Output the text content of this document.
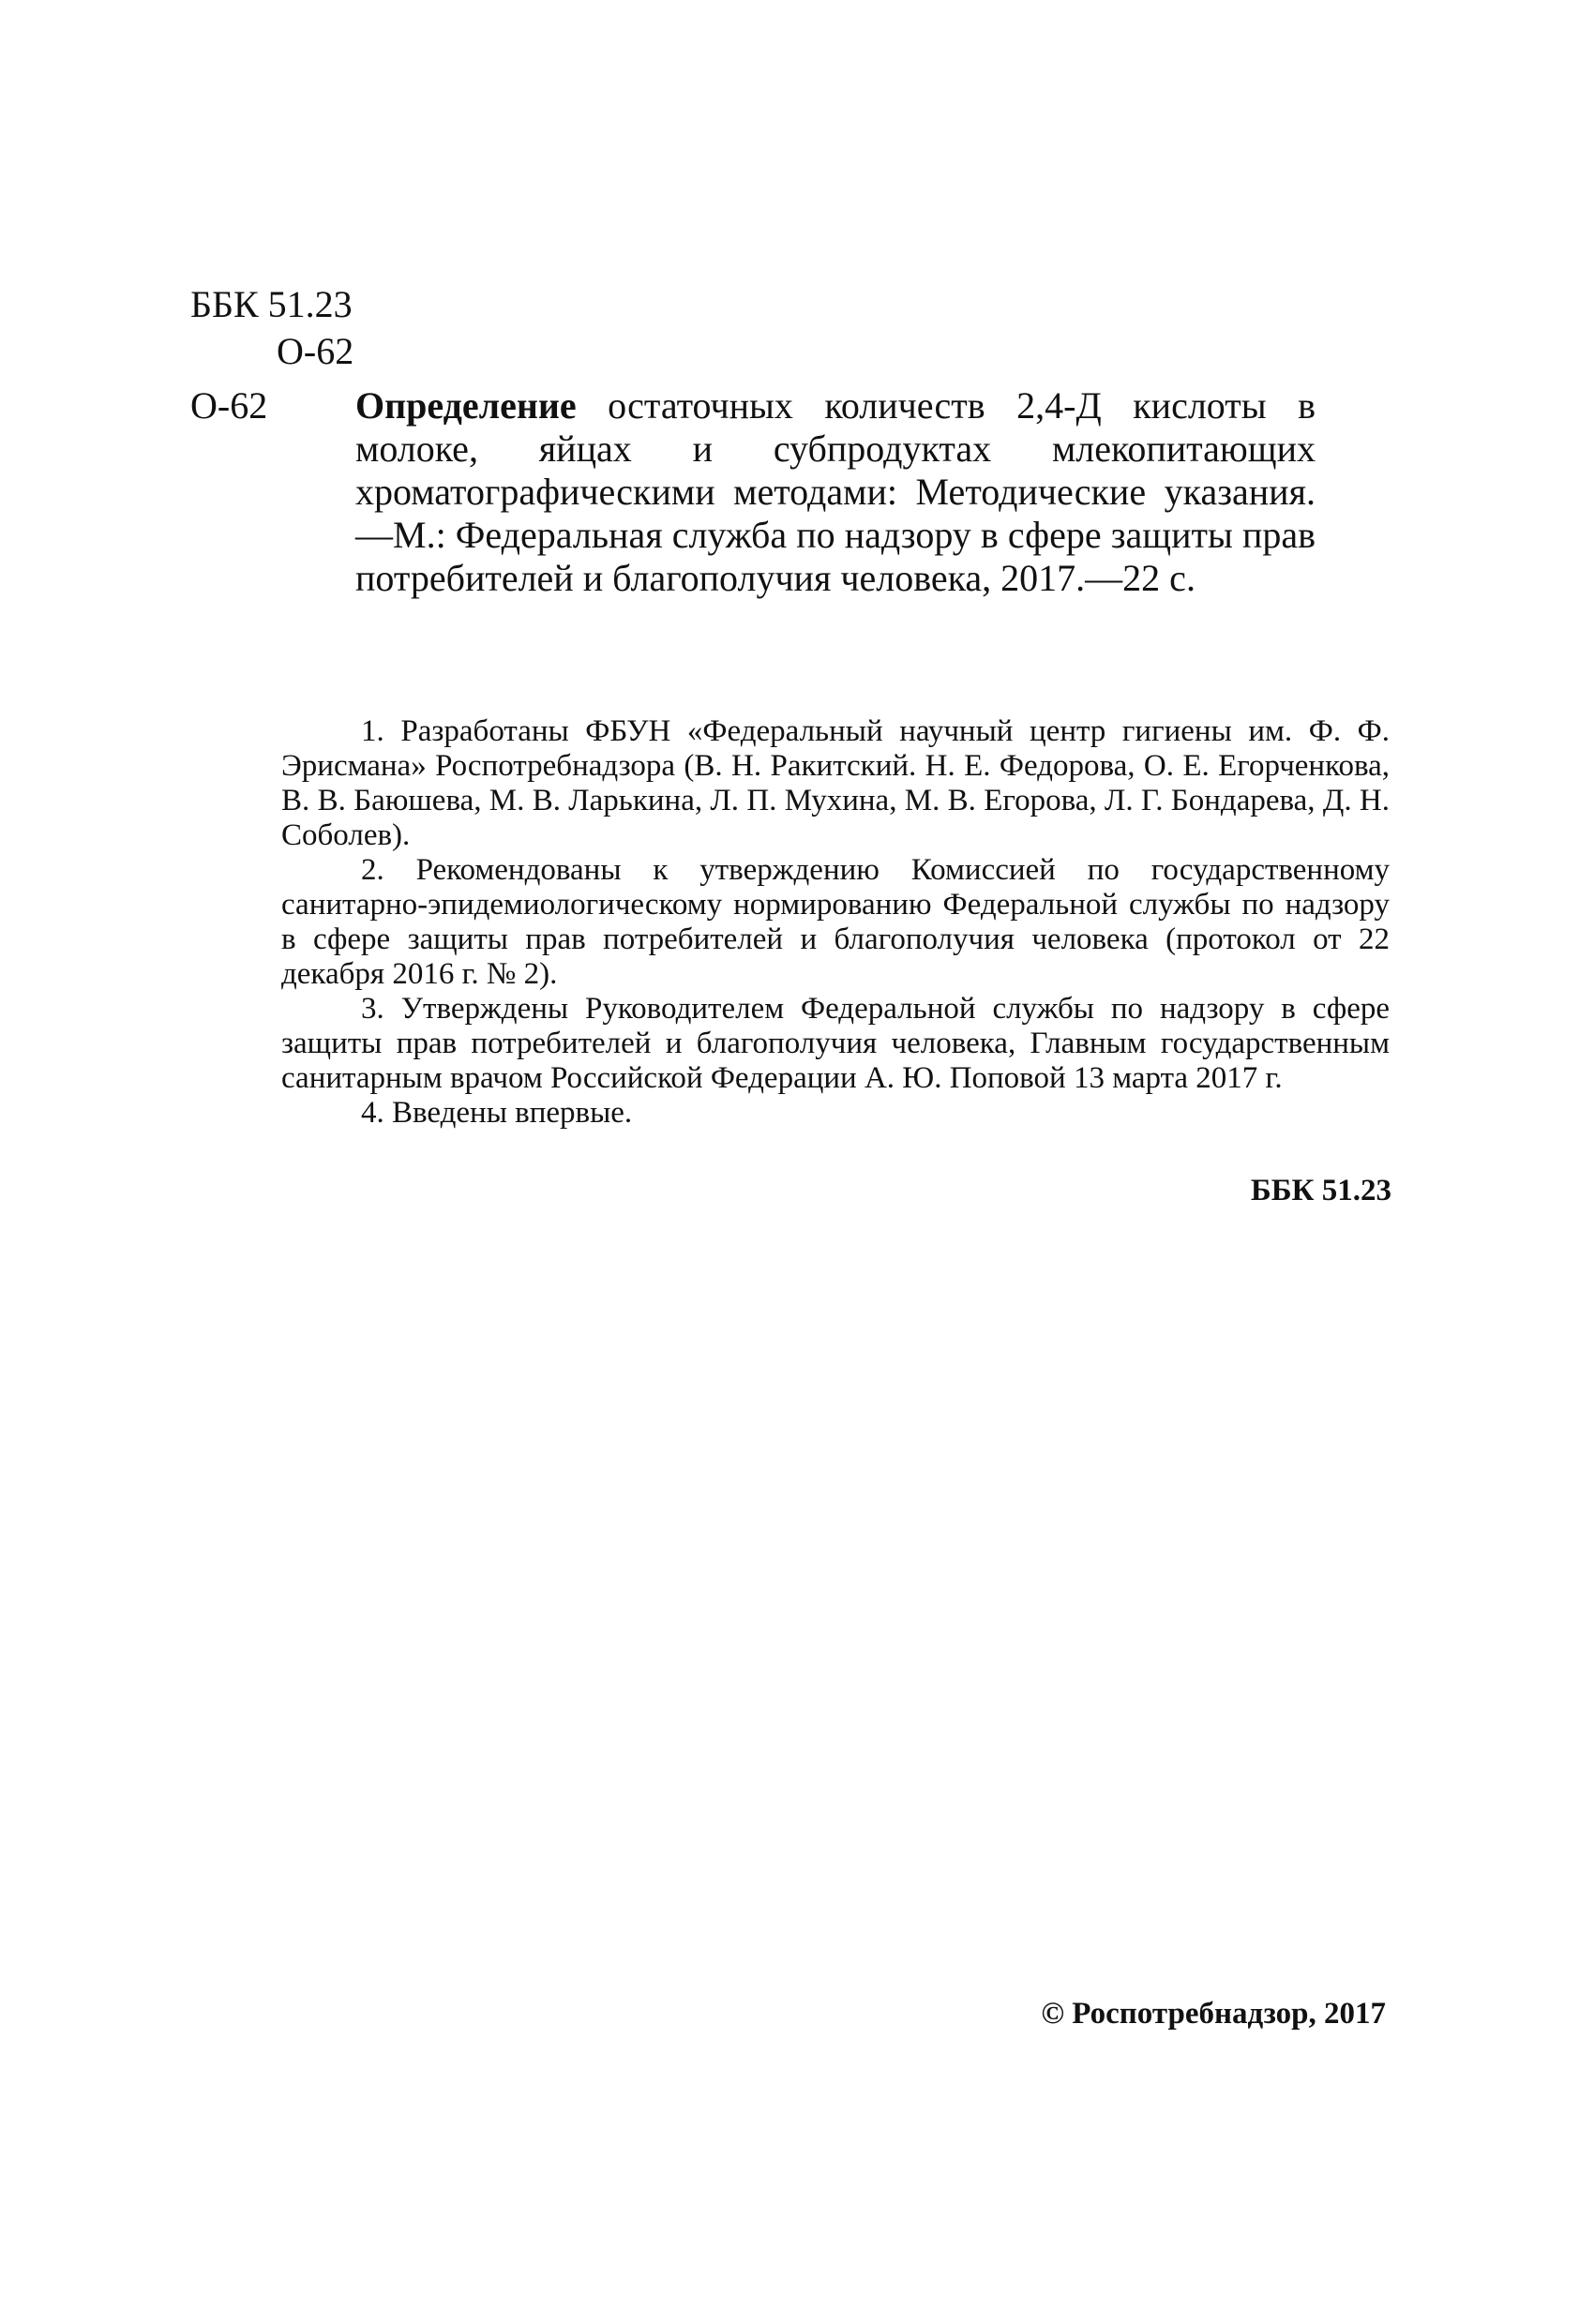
ББК 51.23
О-62
О-62 Определение остаточных количеств 2,4-Д кислоты в молоке, яйцах и субпродуктах млекопитающих хроматографическими методами: Методические указания.—М.: Федеральная служба по надзору в сфере защиты прав потребителей и благополучия человека, 2017.—22 с.

1. Разработаны ФБУН «Федеральный научный центр гигиены им. Ф. Ф. Эрисмана» Роспотребнадзора (В. Н. Ракитский. Н. Е. Федорова, О. Е. Егорченкова, В. В. Баюшева, М. В. Ларькина, Л. П. Мухина, М. В. Егорова, Л. Г. Бондарева, Д. Н. Соболев).

2. Рекомендованы к утверждению Комиссией по государственному санитарно-эпидемиологическому нормированию Федеральной службы по надзору в сфере защиты прав потребителей и благополучия человека (протокол от 22 декабря 2016 г. № 2).

3. Утверждены Руководителем Федеральной службы по надзору в сфере защиты прав потребителей и благополучия человека, Главным государственным санитарным врачом Российской Федерации А. Ю. Поповой 13 марта 2017 г.

4. Введены впервые.

ББК 51.23
© Роспотребнадзор, 2017
